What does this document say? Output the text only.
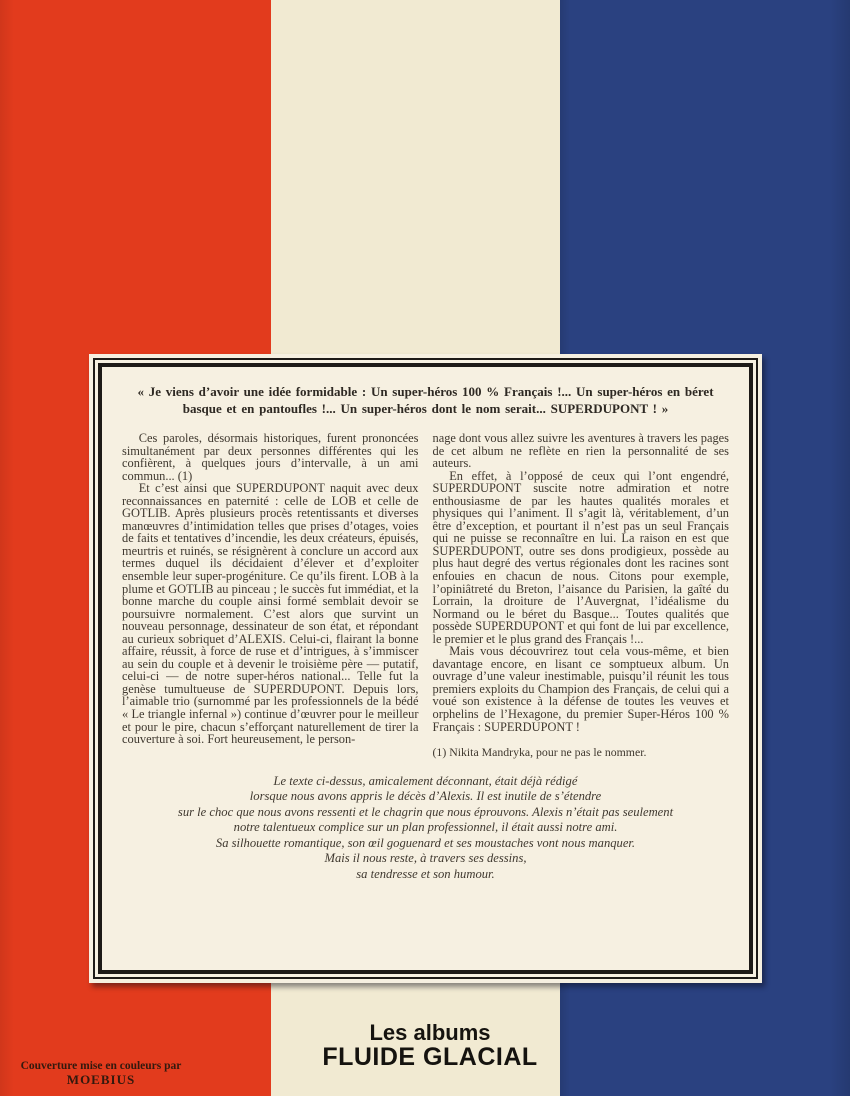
« Je viens d’avoir une idée formidable : Un super-héros 100 % Français !... Un super-héros en béret basque et en pantoufles !... Un super-héros dont le nom serait... SUPERDUPONT ! »

Ces paroles, désormais historiques, furent prononcées simultanément par deux personnes différentes qui les confièrent, à quelques jours d’intervalle, à un ami commun... (1)

Et c’est ainsi que SUPERDUPONT naquit avec deux reconnaissances en paternité : celle de LOB et celle de GOTLIB. Après plusieurs procès retentissants et diverses manœuvres d’intimidation telles que prises d’otages, voies de faits et tentatives d’incendie, les deux créateurs, épuisés, meurtris et ruinés, se résignèrent à conclure un accord aux termes duquel ils décidaient d’élever et d’exploiter ensemble leur super-progéniture. Ce qu’ils firent. LOB à la plume et GOTLIB au pinceau ; le succès fut immédiat, et la bonne marche du couple ainsi formé semblait devoir se poursuivre normalement. C’est alors que survint un nouveau personnage, dessinateur de son état, et répondant au curieux sobriquet d’ALEXIS. Celui-ci, flairant la bonne affaire, réussit, à force de ruse et d’intrigues, à s’immiscer au sein du couple et à devenir le troisième père — putatif, celui-ci — de notre super-héros national... Telle fut la genèse tumultueuse de SUPERDUPONT. Depuis lors, l’aimable trio (surnommé par les professionnels de la bédé « Le triangle infernal ») continue d’œuvrer pour le meilleur et pour le pire, chacun s’efforçant naturellement de tirer la couverture à soi. Fort heureusement, le person-

nage dont vous allez suivre les aventures à travers les pages de cet album ne reflète en rien la personnalité de ses auteurs.

En effet, à l’opposé de ceux qui l’ont engendré, SUPERDUPONT suscite notre admiration et notre enthousiasme de par les hautes qualités morales et physiques qui l’animent. Il s’agit là, véritablement, d’un être d’exception, et pourtant il n’est pas un seul Français qui ne puisse se reconnaître en lui. La raison en est que SUPERDUPONT, outre ses dons prodigieux, possède au plus haut degré des vertus régionales dont les racines sont enfouies en chacun de nous. Citons pour exemple, l’opiniâtreté du Breton, l’aisance du Parisien, la gaîté du Lorrain, la droiture de l’Auvergnat, l’idéalisme du Normand ou le béret du Basque... Toutes qualités que possède SUPERDUPONT et qui font de lui par excellence, le premier et le plus grand des Français !...

Mais vous découvrirez tout cela vous-même, et bien davantage encore, en lisant ce somptueux album. Un ouvrage d’une valeur inestimable, puisqu’il réunit les tous premiers exploits du Champion des Français, de celui qui a voué son existence à la défense de toutes les veuves et orphelins de l’Hexagone, du premier Super-Héros 100 % Français : SUPERDUPONT !

(1) Nikita Mandryka, pour ne pas le nommer.

Le texte ci-dessus, amicalement déconnant, était déjà rédigé
lorsque nous avons appris le décès d’Alexis. Il est inutile de s’étendre
sur le choc que nous avons ressenti et le chagrin que nous éprouvons. Alexis n’était pas seulement
notre talentueux complice sur un plan professionnel, il était aussi notre ami.
Sa silhouette romantique, son œil goguenard et ses moustaches vont nous manquer.
Mais il nous reste, à travers ses dessins,
sa tendresse et son humour.
Les albums
FLUIDE GLACIAL
Couverture mise en couleurs par
MOEBIUS
